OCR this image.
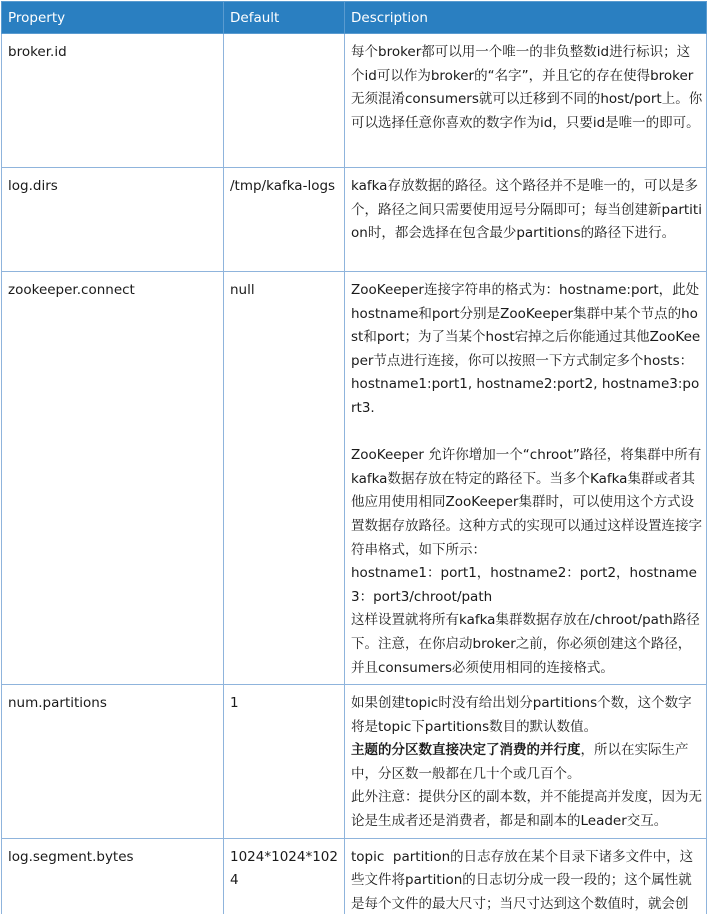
Property	Default	Description
broker.id		每个broker都可以用一个唯一的非负整数id进行标识；这个id可以作为broker的“名字”，并且它的存在使得broker无须混淆consumers就可以迁移到不同的host/port上。你可以选择任意你喜欢的数字作为id，只要id是唯一的即可。

log.dirs	/tmp/kafka-logs	kafka存放数据的路径。这个路径并不是唯一的，可以是多个，路径之间只需要使用逗号分隔即可；每当创建新partition时，都会选择在包含最少partitions的路径下进行。

zookeeper.connect	null	ZooKeeper连接字符串的格式为：hostname:port，此处hostname和port分别是ZooKeeper集群中某个节点的host和port；为了当某个host宕掉之后你能通过其他ZooKeeper节点进行连接，你可以按照一下方式制定多个hosts：
hostname1:port1, hostname2:port2, hostname3:port3.
ZooKeeper 允许你增加一个“chroot”路径，将集群中所有kafka数据存放在特定的路径下。当多个Kafka集群或者其他应用使用相同ZooKeeper集群时，可以使用这个方式设置数据存放路径。这种方式的实现可以通过这样设置连接字符串格式，如下所示：
hostname1：port1，hostname2：port2，hostname3：port3/chroot/path
这样设置就将所有kafka集群数据存放在/chroot/path路径下。注意，在你启动broker之前，你必须创建这个路径，并且consumers必须使用相同的连接格式。

num.partitions	1	如果创建topic时没有给出划分partitions个数，这个数字将是topic下partitions数目的默认数值。
主题的分区数直接决定了消费的并行度，所以在实际生产中，分区数一般都在几十个或几百个。
此外注意：提供分区的副本数，并不能提高并发度，因为无论是生成者还是消费者，都是和副本的Leader交互。

log.segment.bytes	1024*1024*1024	topic  partition的日志存放在某个目录下诸多文件中，这些文件将partition的日志切分成一段一段的；这个属性就是每个文件的最大尺寸；当尺寸达到这个数值时，就会创
